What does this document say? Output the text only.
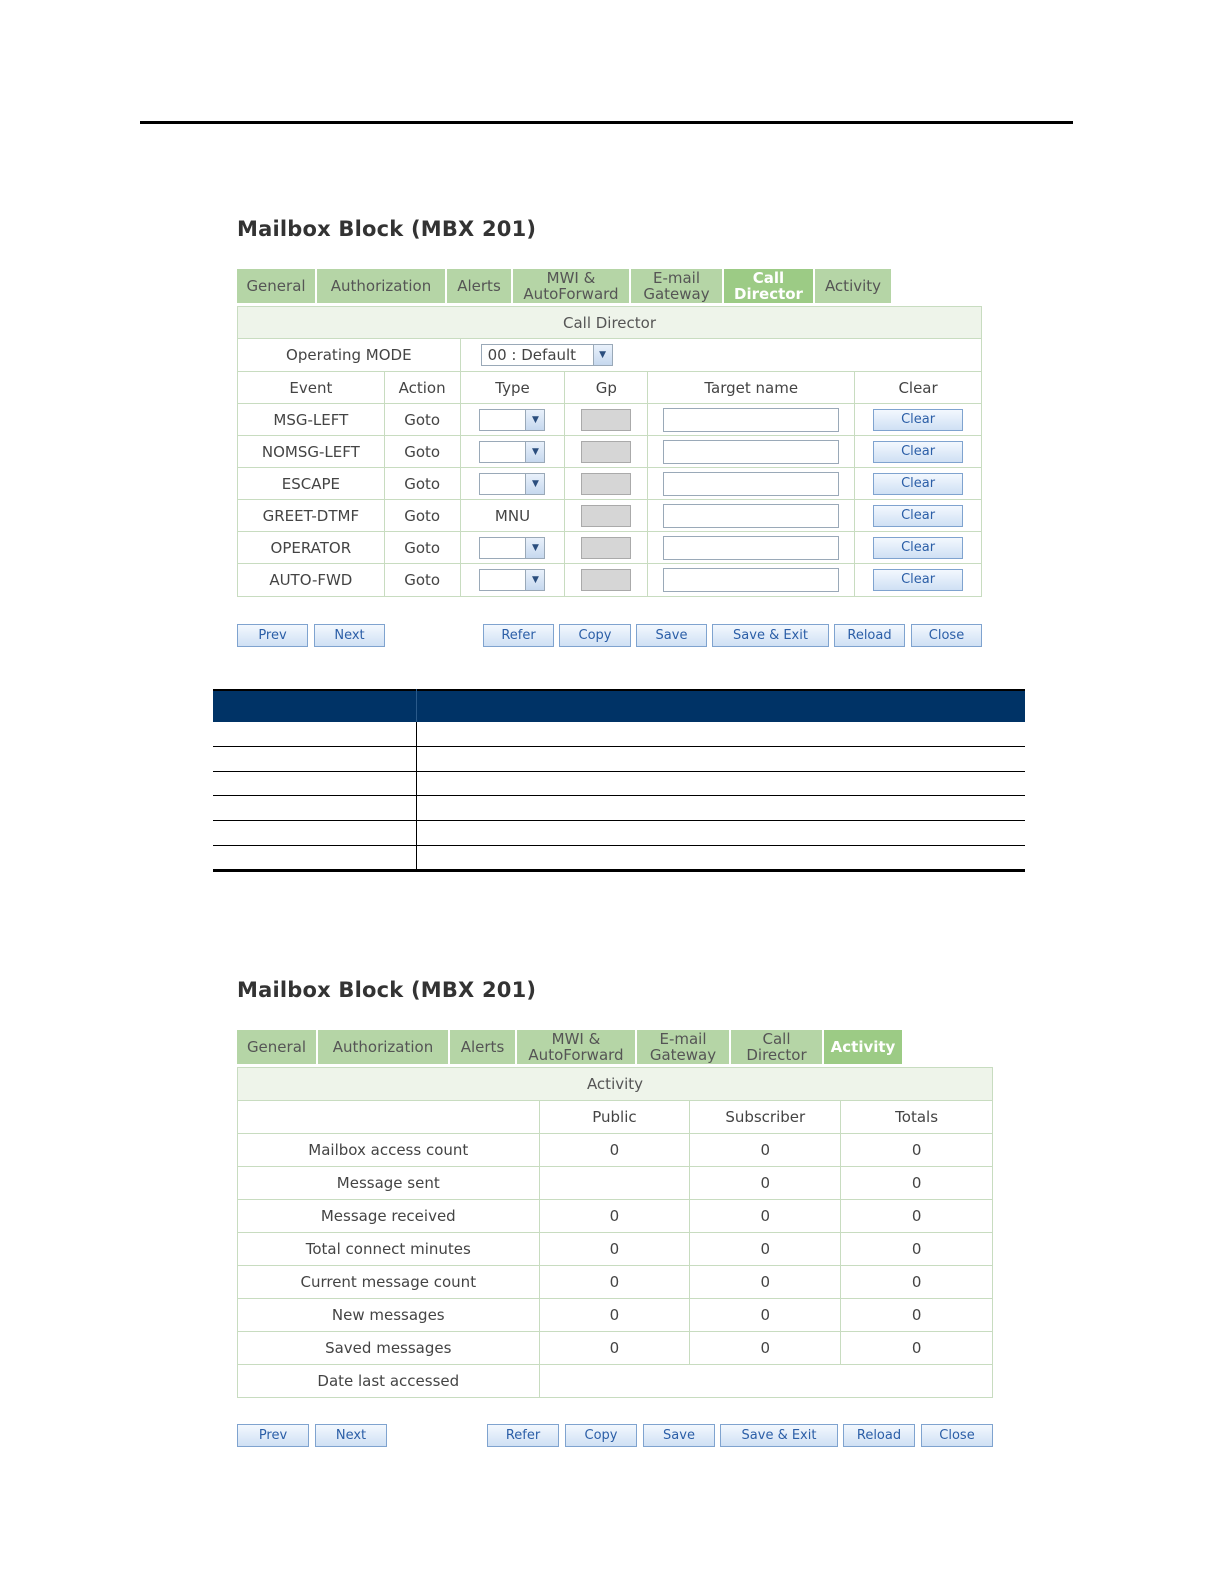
Mailbox Block (MBX 201)
General Authorization Alerts	MWI &
AutoForward
E-mail
Gateway
Call
Director Activity
Call Director					
Operating MODE		00 : Default ▼			

Event	Action	Type	Gp	Target name	Clear
MSG-LEFT	Goto	▼			Clear
NOMSG-LEFT	Goto	▼			Clear
ESCAPE	Goto	▼			Clear
GREET-DTMF	Goto	MNU			Clear
OPERATOR	Goto	▼			Clear
AUTO-FWD	Goto	▼			Clear
Prev	Next	Refer	Copy	Save	Save & Exit	Reload	Close
Mailbox Block (MBX 201)
General Authorization Alerts	MWI &
AutoForward
E-mail
Gateway
Call
Director Activity
Activity			
	Public	Subscriber	Totals
Mailbox access count	0	0	0
Message sent		0	0
Message received	0	0	0
Total connect minutes	0	0	0
Current message count	0	0	0
New messages	0	0	0
Saved messages	0	0	0
Date last accessed			
Prev	Next	Refer	Copy	Save	Save & Exit	Reload	Close
